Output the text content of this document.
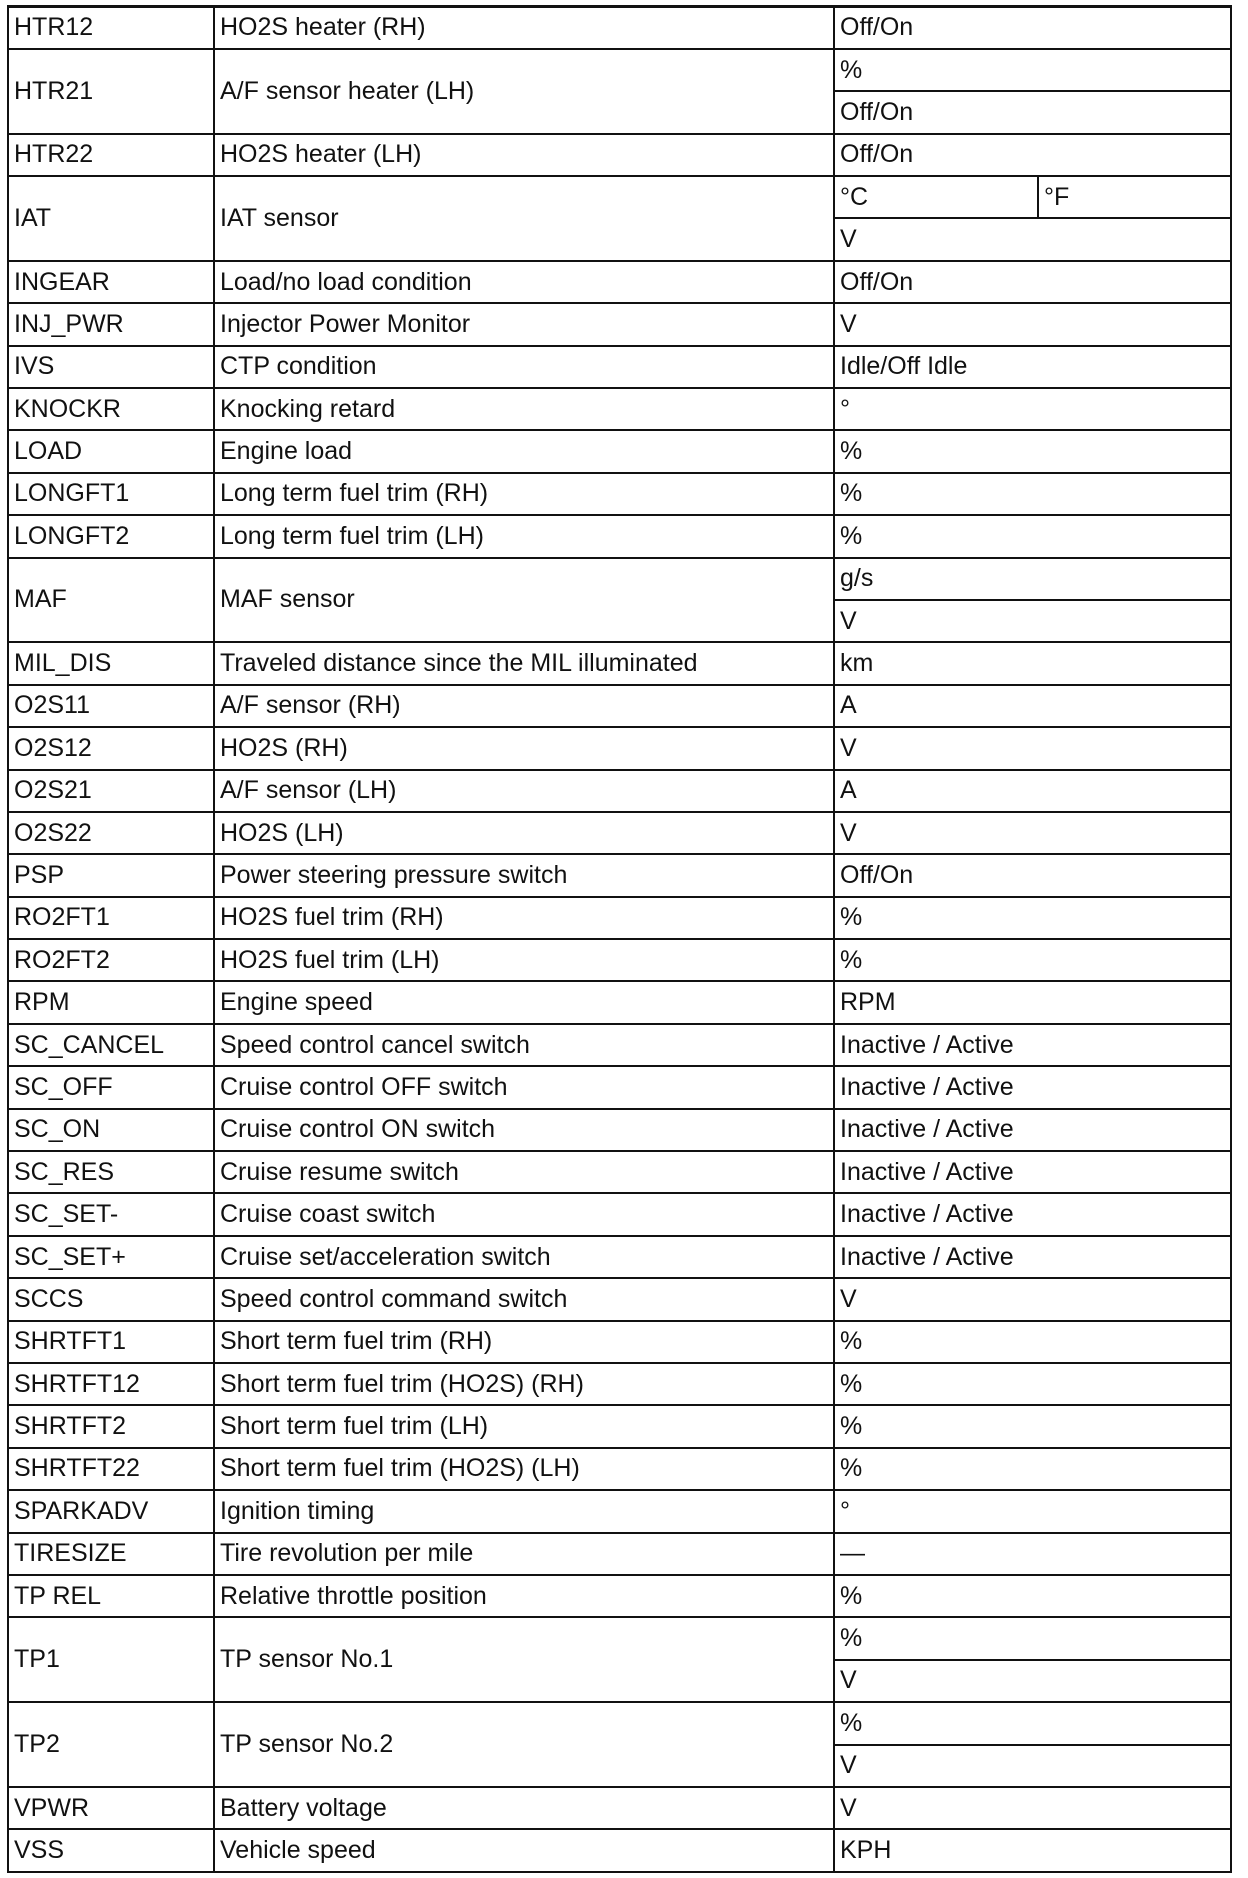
HTR12	HO2S heater (RH)	Off/On	
HTR21	A/F sensor heater (LH)	%	
		Off/On	
HTR22	HO2S heater (LH)	Off/On	
IAT	IAT sensor	°C	°F
		V	
INGEAR	Load/no load condition	Off/On	
INJ_PWR	Injector Power Monitor	V	
IVS	CTP condition	Idle/Off Idle	
KNOCKR	Knocking retard	°	
LOAD	Engine load	%	
LONGFT1	Long term fuel trim (RH)	%	
LONGFT2	Long term fuel trim (LH)	%	
MAF	MAF sensor	g/s	
		V	
MIL_DIS	Traveled distance since the MIL illuminated	km	
O2S11	A/F sensor (RH)	A	
O2S12	HO2S (RH)	V	
O2S21	A/F sensor (LH)	A	
O2S22	HO2S (LH)	V	
PSP	Power steering pressure switch	Off/On	
RO2FT1	HO2S fuel trim (RH)	%	
RO2FT2	HO2S fuel trim (LH)	%	
RPM	Engine speed	RPM	
SC_CANCEL	Speed control cancel switch	Inactive / Active	
SC_OFF	Cruise control OFF switch	Inactive / Active	
SC_ON	Cruise control ON switch	Inactive / Active	
SC_RES	Cruise resume switch	Inactive / Active	
SC_SET-	Cruise coast switch	Inactive / Active	
SC_SET+	Cruise set/acceleration switch	Inactive / Active	
SCCS	Speed control command switch	V	
SHRTFT1	Short term fuel trim (RH)	%	
SHRTFT12	Short term fuel trim (HO2S) (RH)	%	
SHRTFT2	Short term fuel trim (LH)	%	
SHRTFT22	Short term fuel trim (HO2S) (LH)	%	
SPARKADV	Ignition timing	°	
TIRESIZE	Tire revolution per mile	—	
TP REL	Relative throttle position	%	
TP1	TP sensor No.1	%	
		V	
TP2	TP sensor No.2	%	
		V	
VPWR	Battery voltage	V	
VSS	Vehicle speed	KPH	
